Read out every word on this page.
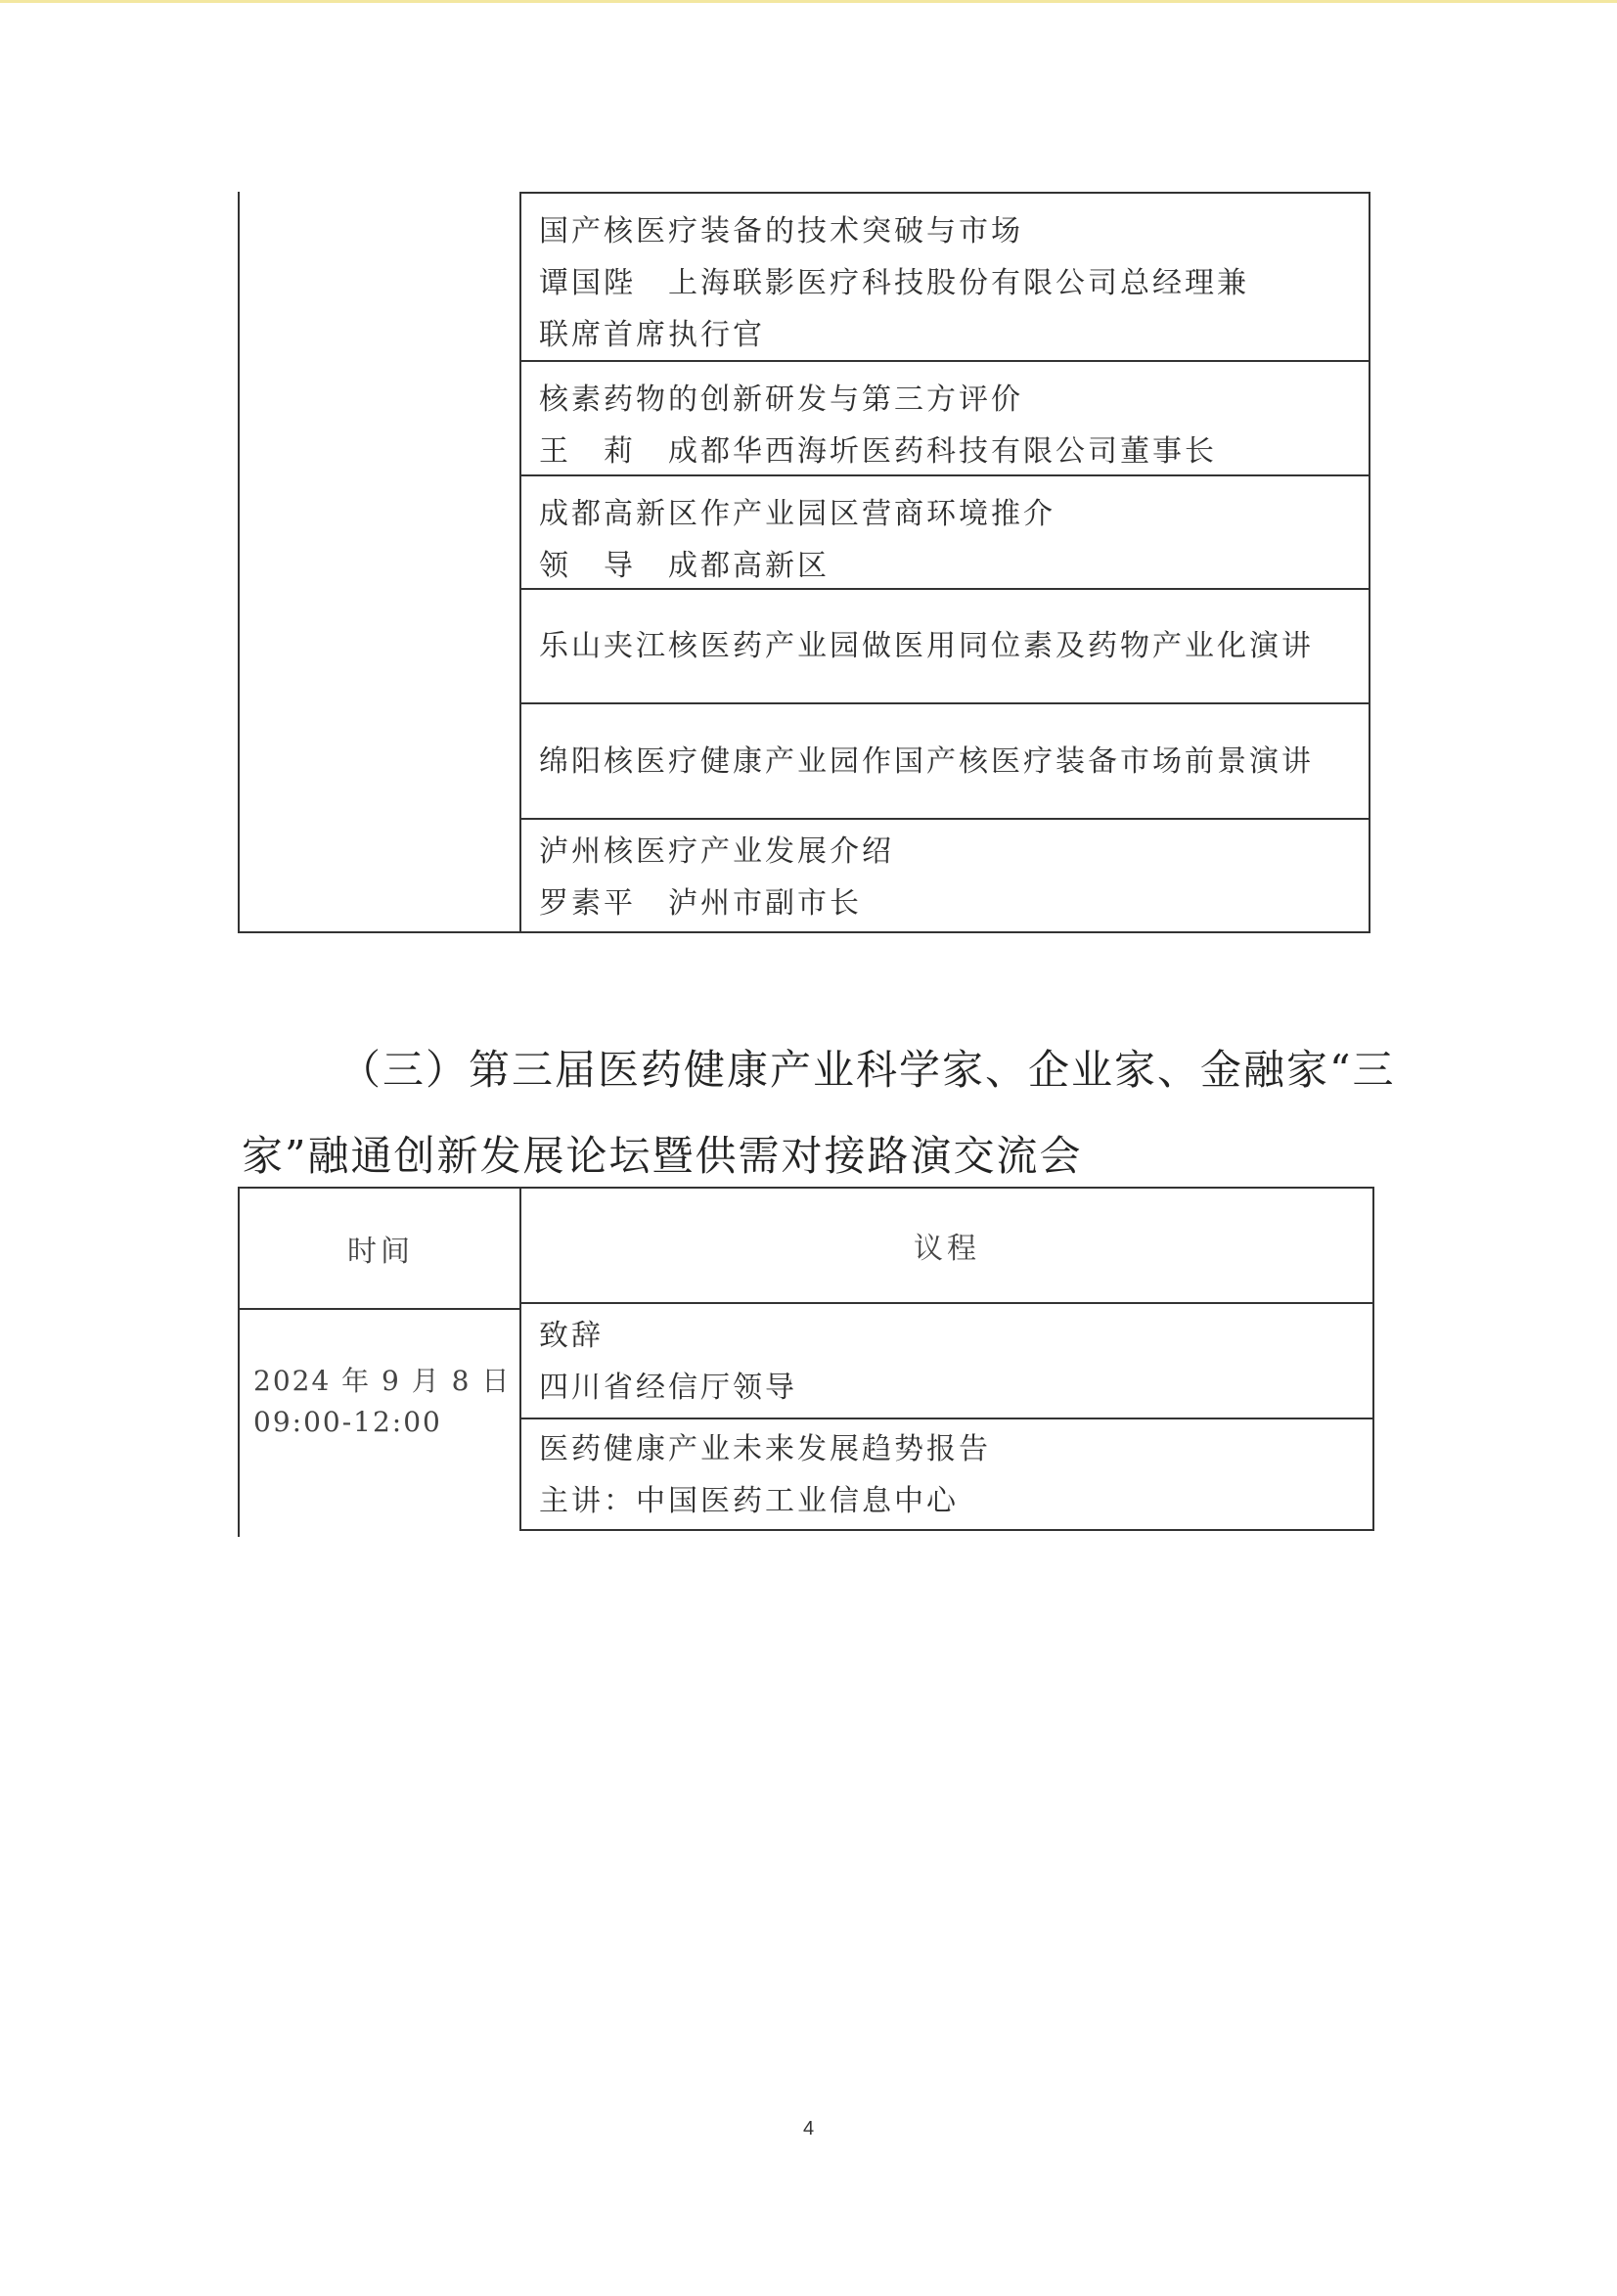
国产核医疗装备的技术突破与市场
谭国陛　上海联影医疗科技股份有限公司总经理兼
联席首席执行官
核素药物的创新研发与第三方评价
王　莉　成都华西海圻医药科技有限公司董事长
成都高新区作产业园区营商环境推介
领　导　成都高新区
乐山夹江核医药产业园做医用同位素及药物产业化演讲
绵阳核医疗健康产业园作国产核医疗装备市场前景演讲
泸州核医疗产业发展介绍
罗素平　泸州市副市长
（三）第三届医药健康产业科学家、企业家、金融家“三
家”融通创新发展论坛暨供需对接路演交流会
时间
2024 年 9 月 8 日
09:00-12:00
议程
致辞
四川省经信厅领导
医药健康产业未来发展趋势报告
主讲：中国医药工业信息中心
4
